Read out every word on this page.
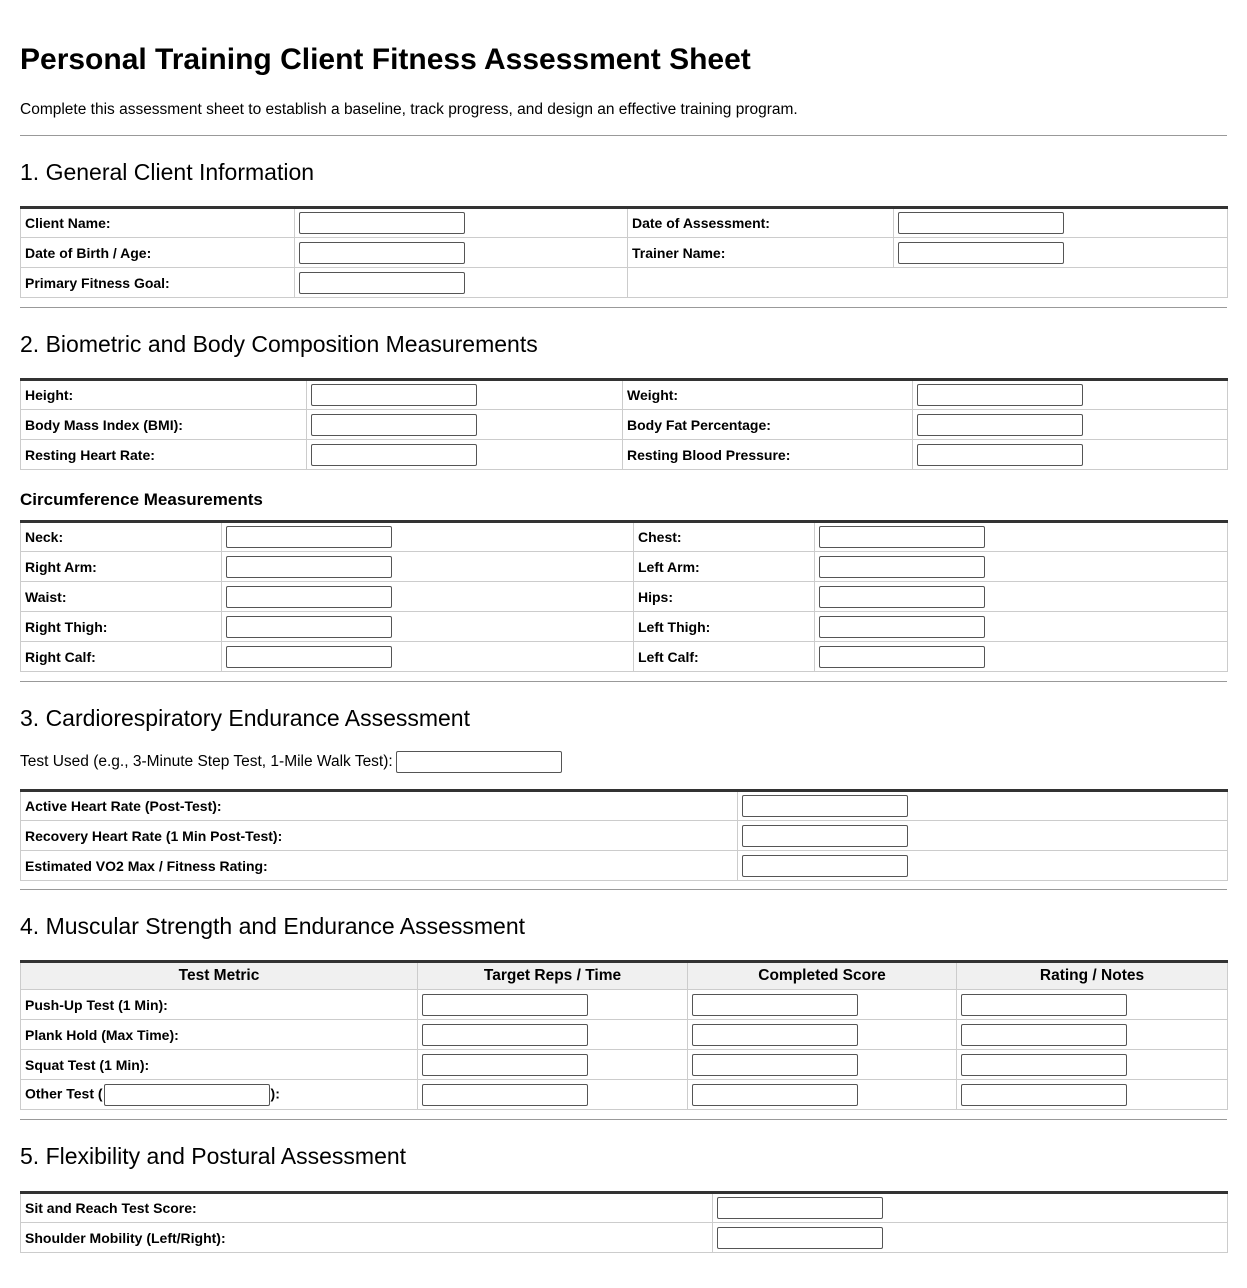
Personal Training Client Fitness Assessment Sheet

Complete this assessment sheet to establish a baseline, track progress, and design an effective training program.

1. General Client Information
Client Name:		Date of Assessment:	
Date of Birth / Age:		Trainer Name:	
Primary Fitness Goal:			
2. Biometric and Body Composition Measurements
Height:		Weight:	
Body Mass Index (BMI):		Body Fat Percentage:	
Resting Heart Rate:		Resting Blood Pressure:	
Circumference Measurements
Neck:		Chest:	
Right Arm:		Left Arm:	
Waist:		Hips:	
Right Thigh:		Left Thigh:	
Right Calf:		Left Calf:	
3. Cardiorespiratory Endurance Assessment
Test Used (e.g., 3-Minute Step Test, 1-Mile Walk Test):
Active Heart Rate (Post-Test):	
Recovery Heart Rate (1 Min Post-Test):	
Estimated VO2 Max / Fitness Rating:	
4. Muscular Strength and Endurance Assessment
Test Metric	Target Reps / Time	Completed Score	Rating / Notes
Push-Up Test (1 Min):			
Plank Hold (Max Time):			
Squat Test (1 Min):			
Other Test ( ):			
5. Flexibility and Postural Assessment
Sit and Reach Test Score:	
Shoulder Mobility (Left/Right):	
